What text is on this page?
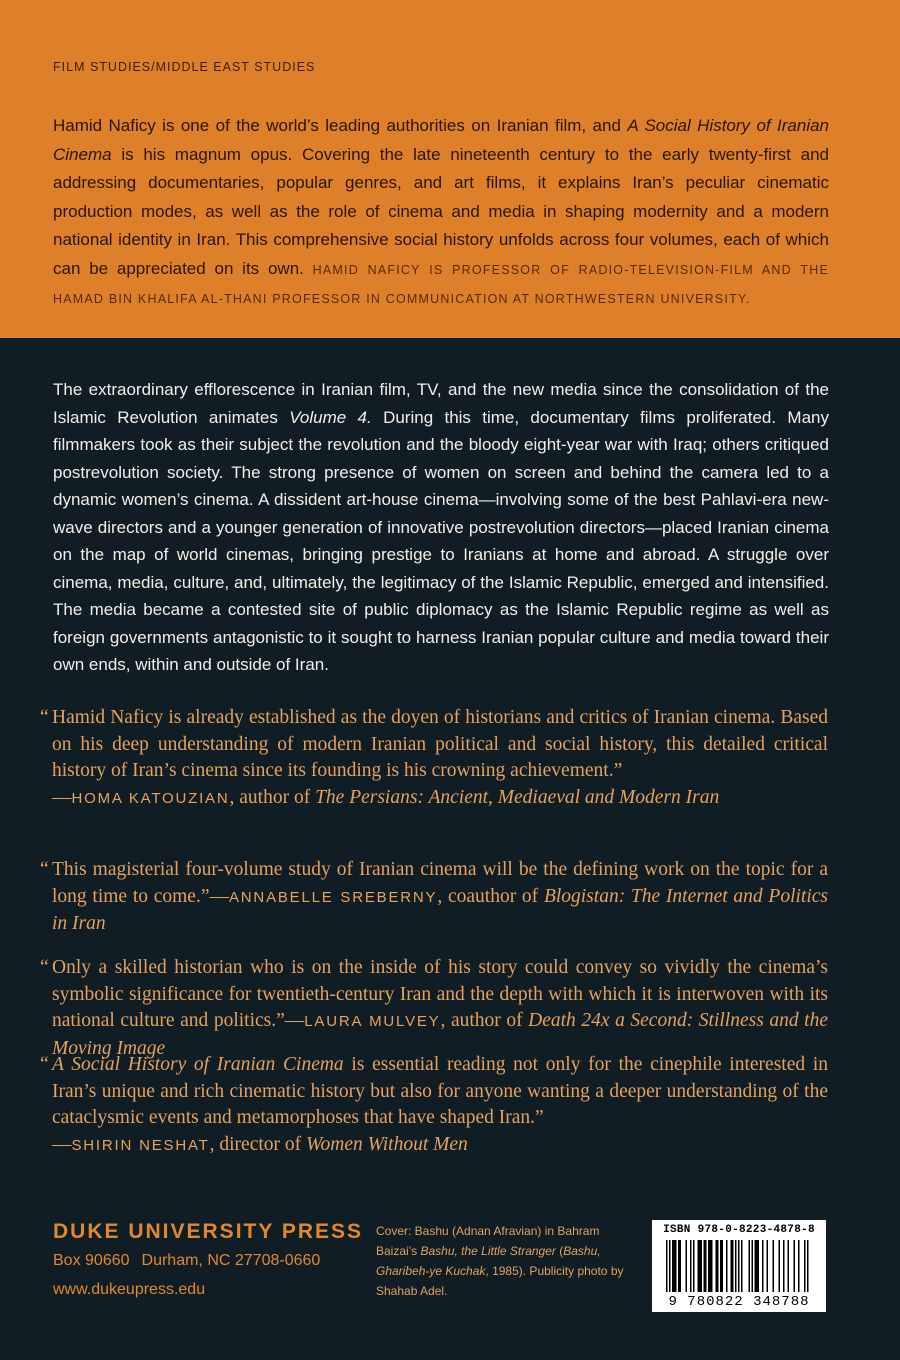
FILM STUDIES/MIDDLE EAST STUDIES
Hamid Naficy is one of the world’s leading authorities on Iranian film, and A Social History of Iranian Cinema is his magnum opus. Covering the late nineteenth century to the early twenty-first and addressing documentaries, popular genres, and art films, it explains Iran’s peculiar cinematic production modes, as well as the role of cinema and media in shaping modernity and a modern national identity in Iran. This comprehensive social history unfolds across four volumes, each of which can be appreciated on its own. HAMID NAFICY IS PROFESSOR OF RADIO-TELEVISION-FILM AND THE HAMAD BIN KHALIFA AL-THANI PROFESSOR IN COMMUNICATION AT NORTHWESTERN UNIVERSITY.
The extraordinary efflorescence in Iranian film, TV, and the new media since the consolidation of the Islamic Revolution animates Volume 4. During this time, documentary films proliferated. Many filmmakers took as their subject the revolution and the bloody eight-year war with Iraq; others critiqued postrevolution society. The strong presence of women on screen and behind the camera led to a dynamic women’s cinema. A dissident art-house cinema—involving some of the best Pahlavi-era new-wave directors and a younger generation of innovative postrevolution directors—placed Iranian cinema on the map of world cinemas, bringing prestige to Iranians at home and abroad. A struggle over cinema, media, culture, and, ultimately, the legitimacy of the Islamic Republic, emerged and intensified. The media became a contested site of public diplomacy as the Islamic Republic regime as well as foreign governments antagonistic to it sought to harness Iranian popular culture and media toward their own ends, within and outside of Iran.
“ Hamid Naficy is already established as the doyen of historians and critics of Iranian cinema. Based on his deep understanding of modern Iranian political and social history, this detailed critical history of Iran’s cinema since its founding is his crowning achievement.”
—HOMA KATOUZIAN, author of The Persians: Ancient, Mediaeval and Modern Iran
“ This magisterial four-volume study of Iranian cinema will be the defining work on the topic for a long time to come.”—ANNABELLE SREBERNY, coauthor of Blogistan: The Internet and Politics in Iran
“ Only a skilled historian who is on the inside of his story could convey so vividly the cinema’s symbolic significance for twentieth-century Iran and the depth with which it is interwoven with its national culture and politics.”—LAURA MULVEY, author of Death 24x a Second: Stillness and the Moving Image
“ A Social History of Iranian Cinema is essential reading not only for the cinephile interested in Iran’s unique and rich cinematic history but also for anyone wanting a deeper understanding of the cataclysmic events and metamorphoses that have shaped Iran.”
—SHIRIN NESHAT, director of Women Without Men
DUKE UNIVERSITY PRESS
Box 90660 Durham, NC 27708-0660
www.dukeupress.edu
Cover: Bashu (Adnan Afravian) in Bahram Baizai’s Bashu, the Little Stranger (Bashu, Gharibeh-ye Kuchak, 1985). Publicity photo by Shahab Adel.
ISBN 978-0-8223-4878-8
9 780822 348788
